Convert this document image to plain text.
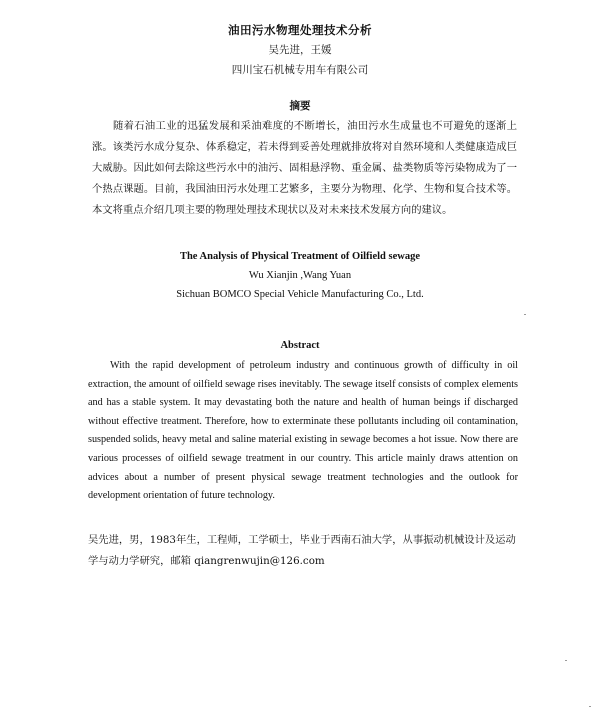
油田污水物理处理技术分析
吴先进，王媛
四川宝石机械专用车有限公司
摘要
随着石油工业的迅猛发展和采油难度的不断增长，油田污水生成量也不可避免的逐渐上涨。该类污水成分复杂、体系稳定，若未得到妥善处理就排放将对自然环境和人类健康造成巨大威胁。因此如何去除这些污水中的油污、固相悬浮物、重金属、盐类物质等污染物成为了一个热点课题。目前，我国油田污水处理工艺繁多，主要分为物理、化学、生物和复合技术等。本文将重点介绍几项主要的物理处理技术现状以及对未来技术发展方向的建议。
The Analysis of Physical Treatment of Oilfield sewage
Wu Xianjin ,Wang Yuan
Sichuan BOMCO Special Vehicle Manufacturing Co., Ltd.
Abstract
With the rapid development of petroleum industry and continuous growth of difficulty in oil extraction, the amount of oilfield sewage rises inevitably. The sewage itself consists of complex elements and has a stable system. It may devastating both the nature and health of human beings if discharged without effective treatment. Therefore, how to exterminate these pollutants including oil contamination, suspended solids, heavy metal and saline material existing in sewage becomes a hot issue. Now there are various processes of oilfield sewage treatment in our country. This article mainly draws attention on advices about a number of present physical sewage treatment technologies and the outlook for development orientation of future technology.
吴先进，男，1983年生，工程师，工学硕士，毕业于西南石油大学，从事振动机械设计及运动学与动力学研究，邮箱 qiangrenwujin@126.com
